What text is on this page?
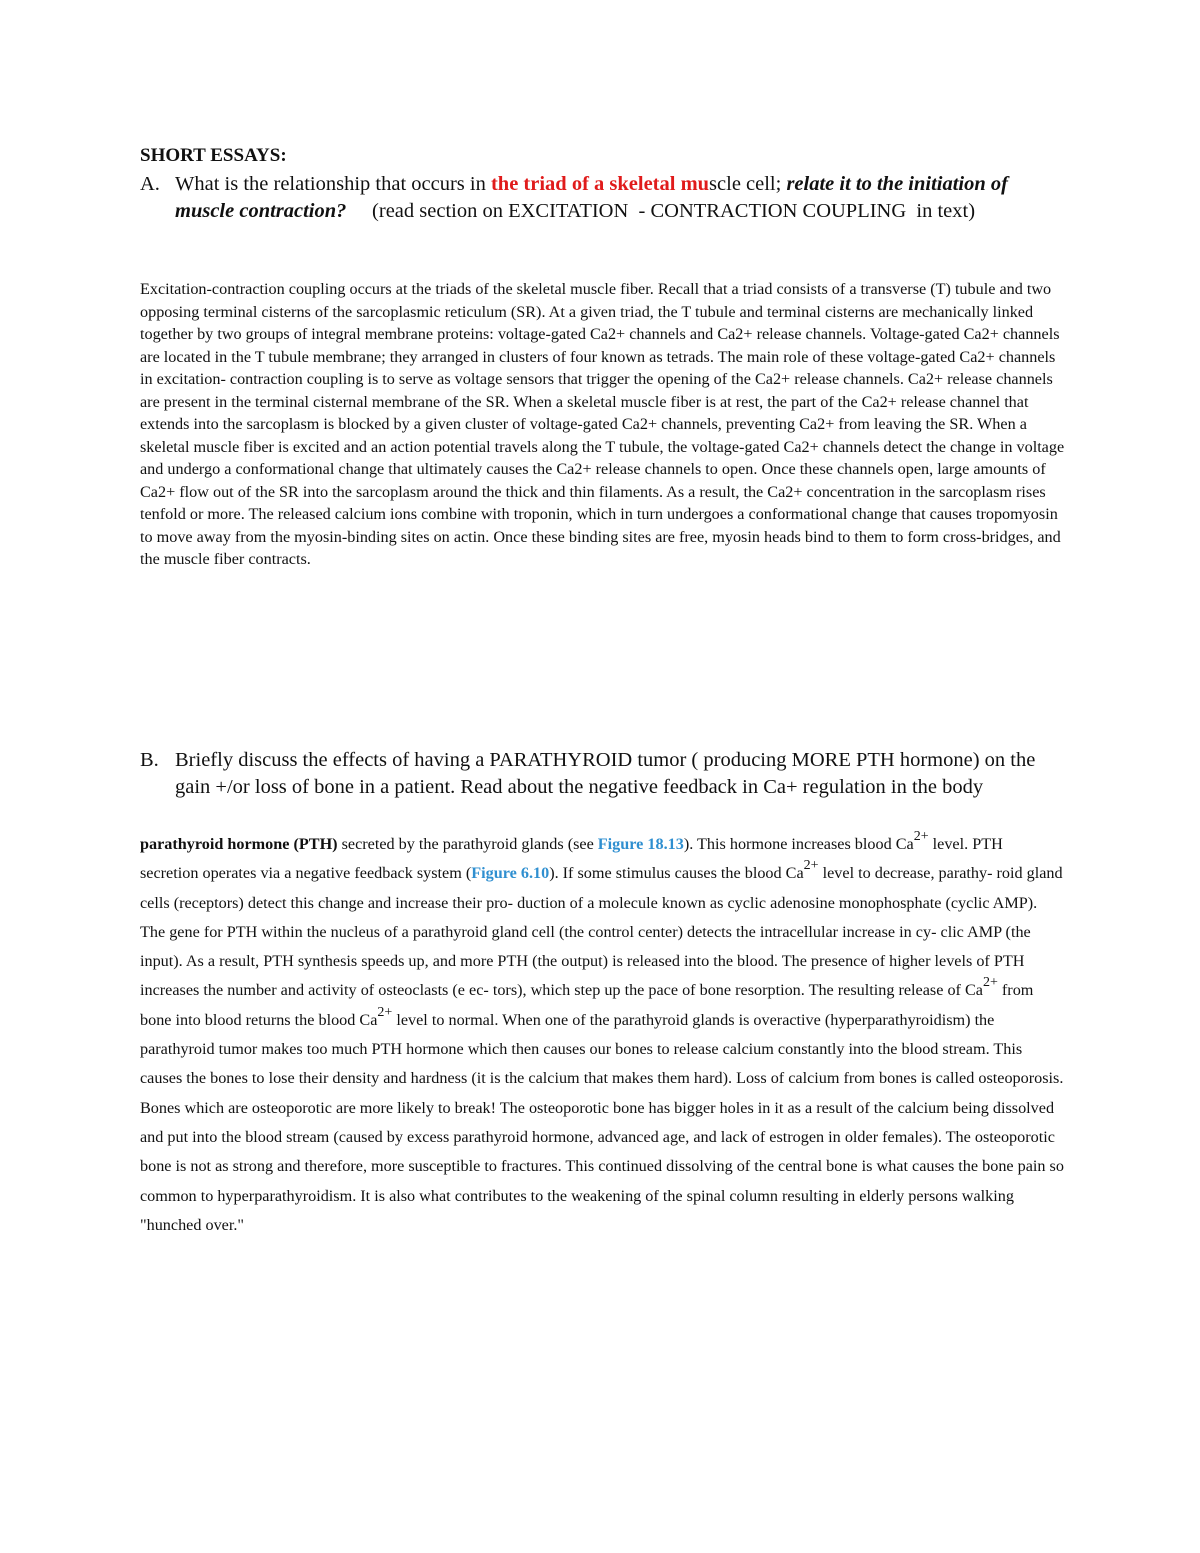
SHORT ESSAYS:
A. What is the relationship that occurs in the triad of a skeletal muscle cell; relate it to the initiation of muscle contraction?     (read section on EXCITATION  - CONTRACTION COUPLING  in text)

Excitation-contraction coupling occurs at the triads of the skeletal muscle fiber. Recall that a triad consists of a transverse (T) tubule and two opposing terminal cisterns of the sarcoplasmic reticulum (SR). At a given triad, the T tubule and terminal cisterns are mechanically linked together by two groups of integral membrane proteins: voltage-gated Ca2+ channels and Ca2+ release channels. Voltage-gated Ca2+ channels are located in the T tubule membrane; they arranged in clusters of four known as tetrads. The main role of these voltage-gated Ca2+ channels in excitation- contraction coupling is to serve as voltage sensors that trigger the opening of the Ca2+ release channels. Ca2+ release channels are present in the terminal cisternal membrane of the SR. When a skeletal muscle fiber is at rest, the part of the Ca2+ release channel that extends into the sarcoplasm is blocked by a given cluster of voltage-gated Ca2+ channels, preventing Ca2+ from leaving the SR. When a skeletal muscle fiber is excited and an action potential travels along the T tubule, the voltage-gated Ca2+ channels detect the change in voltage and undergo a conformational change that ultimately causes the Ca2+ release channels to open. Once these channels open, large amounts of Ca2+ flow out of the SR into the sarcoplasm around the thick and thin filaments. As a result, the Ca2+ concentration in the sarcoplasm rises tenfold or more. The released calcium ions combine with troponin, which in turn undergoes a conformational change that causes tropomyosin to move away from the myosin-binding sites on actin. Once these binding sites are free, myosin heads bind to them to form cross-bridges, and the muscle fiber contracts.

B. Briefly discuss the effects of having a PARATHYROID tumor ( producing MORE PTH hormone) on the gain +/or loss of bone in a patient. Read about the negative feedback in Ca+ regulation in the body

parathyroid hormone (PTH) secreted by the parathyroid glands (see Figure 18.13). This hormone increases blood $Ca^{2+}$ level. PTH secretion operates via a negative feedback system (Figure 6.10). If some stimulus causes the blood $Ca^{2+}$ level to decrease, parathy- roid gland cells (receptors) detect this change and increase their pro- duction of a molecule known as cyclic adenosine monophosphate (cyclic AMP). The gene for PTH within the nucleus of a parathyroid gland cell (the control center) detects the intracellular increase in cy- clic AMP (the input). As a result, PTH synthesis speeds up, and more PTH (the output) is released into the blood. The presence of higher levels of PTH increases the number and activity of osteoclasts (e ec- tors), which step up the pace of bone resorption. The resulting release of $Ca^{2+}$ from bone into blood returns the blood $Ca^{2+}$ level to normal. When one of the parathyroid glands is overactive (hyperparathyroidism) the parathyroid tumor makes too much PTH hormone which then causes our bones to release calcium constantly into the blood stream. This causes the bones to lose their density and hardness (it is the calcium that makes them hard). Loss of calcium from bones is called osteoporosis. Bones which are osteoporotic are more likely to break! The osteoporotic bone has bigger holes in it as a result of the calcium being dissolved and put into the blood stream (caused by excess parathyroid hormone, advanced age, and lack of estrogen in older females). The osteoporotic bone is not as strong and therefore, more susceptible to fractures. This continued dissolving of the central bone is what causes the bone pain so common to hyperparathyroidism. It is also what contributes to the weakening of the spinal column resulting in elderly persons walking "hunched over."
